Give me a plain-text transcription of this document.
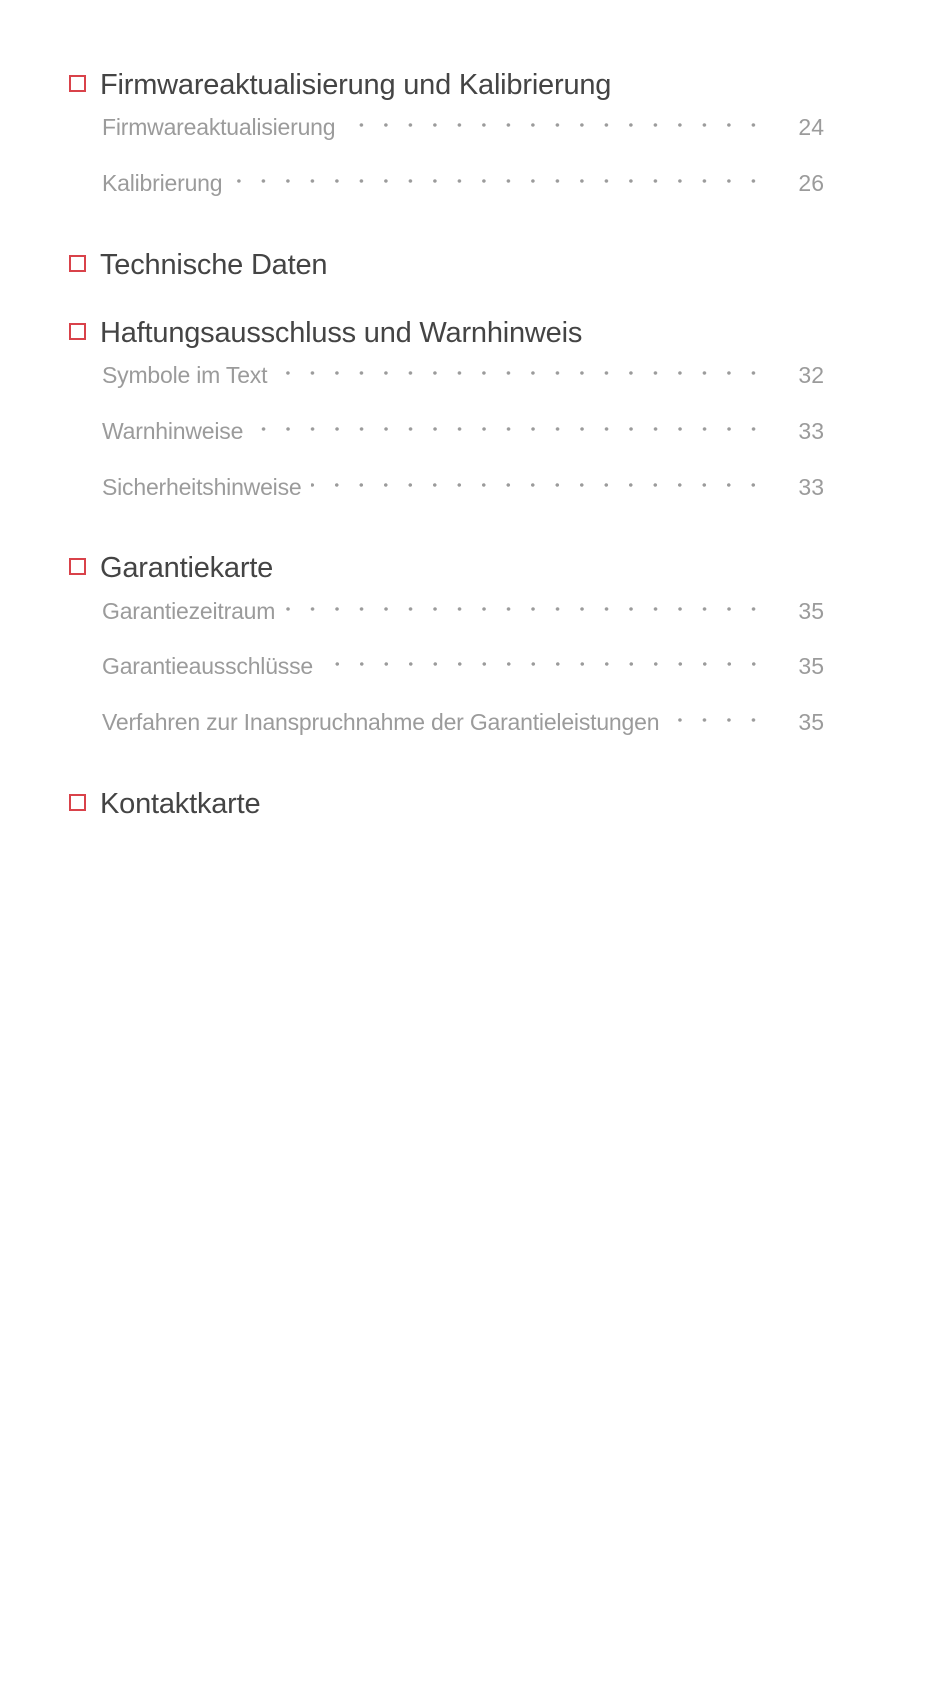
Firmwareaktualisierung und Kalibrierung
Firmwareaktualisierung	24
Kalibrierung	26
Technische Daten
Haftungsausschluss und Warnhinweis
Symbole im Text	32
Warnhinweise	33
Sicherheitshinweise	33
Garantiekarte
Garantiezeitraum	35
Garantieausschlüsse	35
Verfahren zur Inanspruchnahme der Garantieleistungen	35
Kontaktkarte
